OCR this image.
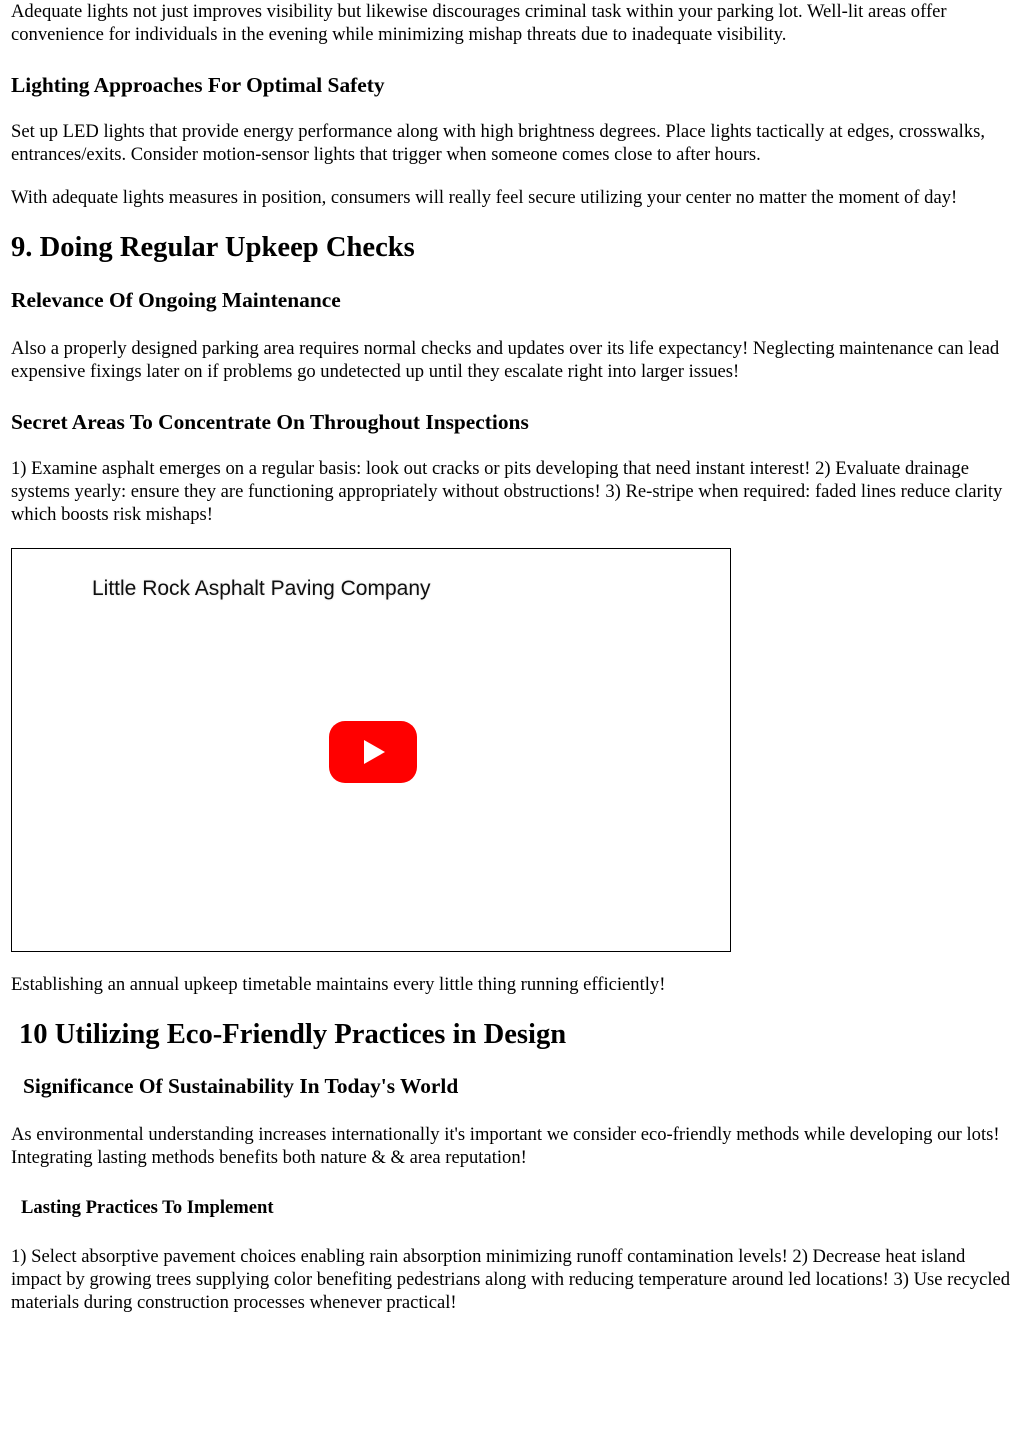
Adequate lights not just improves visibility but likewise discourages criminal task within your parking lot. Well-lit areas offer convenience for individuals in the evening while minimizing mishap threats due to inadequate visibility.

Lighting Approaches For Optimal Safety

Set up LED lights that provide energy performance along with high brightness degrees. Place lights tactically at edges, crosswalks, entrances/exits. Consider motion-sensor lights that trigger when someone comes close to after hours.

With adequate lights measures in position, consumers will really feel secure utilizing your center no matter the moment of day!

9. Doing Regular Upkeep Checks
Relevance Of Ongoing Maintenance

Also a properly designed parking area requires normal checks and updates over its life expectancy! Neglecting maintenance can lead expensive fixings later on if problems go undetected up until they escalate right into larger issues!

Secret Areas To Concentrate On Throughout Inspections

1) Examine asphalt emerges on a regular basis: look out cracks or pits developing that need instant interest! 2) Evaluate drainage systems yearly: ensure they are functioning appropriately without obstructions! 3) Re-stripe when required: faded lines reduce clarity which boosts risk mishaps!

Little Rock Asphalt Paving Company

Establishing an annual upkeep timetable maintains every little thing running efficiently!

10 Utilizing Eco-Friendly Practices in Design
Significance Of Sustainability In Today's World

As environmental understanding increases internationally it's important we consider eco-friendly methods while developing our lots! Integrating lasting methods benefits both nature & & area reputation!

Lasting Practices To Implement

1) Select absorptive pavement choices enabling rain absorption minimizing runoff contamination levels! 2) Decrease heat island impact by growing trees supplying color benefiting pedestrians along with reducing temperature around led locations! 3) Use recycled materials during construction processes whenever practical!
